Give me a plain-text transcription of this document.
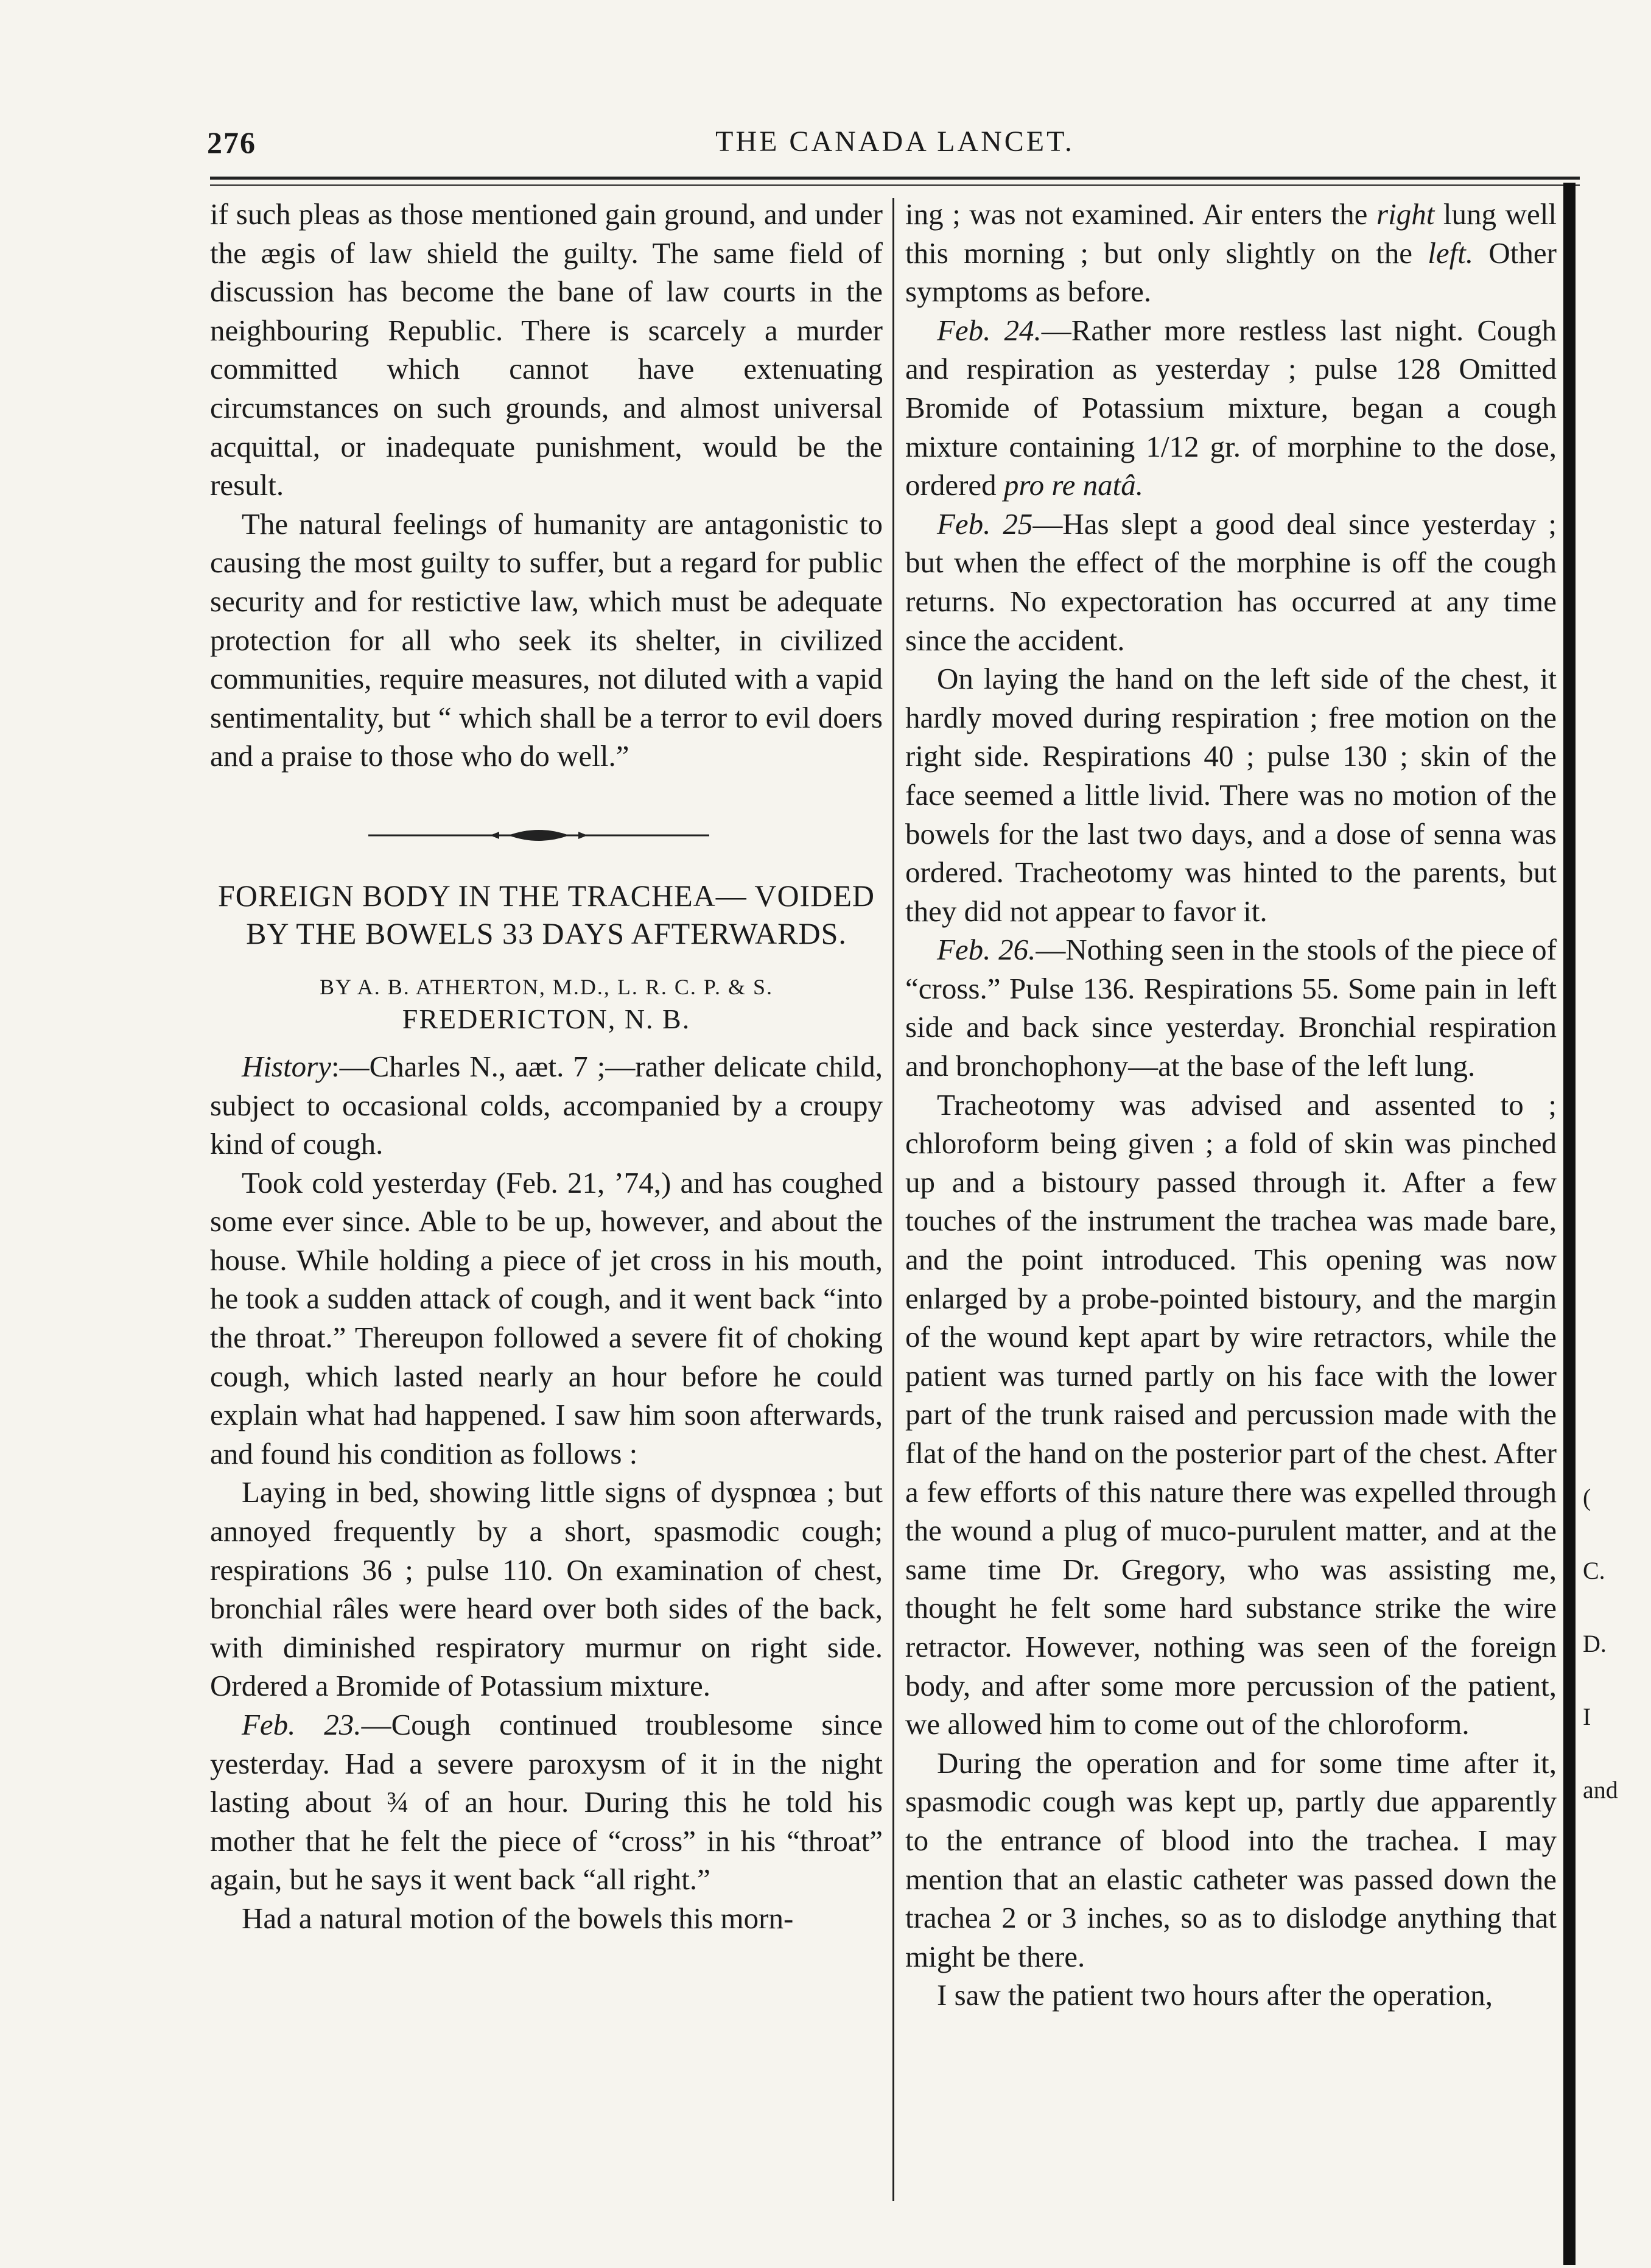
276	THE CANADA LANCET.

if such pleas as those mentioned gain ground, and under the ægis of law shield the guilty. The same field of discussion has become the bane of law courts in the neighbouring Republic. There is scarcely a murder committed which cannot have extenuating circumstances on such grounds, and almost universal acquittal, or inadequate punishment, would be the result.

The natural feelings of humanity are antagonistic to causing the most guilty to suffer, but a regard for public security and for restictive law, which must be adequate protection for all who seek its shelter, in civilized communities, require measures, not diluted with a vapid sentimentality, but “ which shall be a terror to evil doers and a praise to those who do well.”

FOREIGN BODY IN THE TRACHEA— VOIDED BY THE BOWELS 33 DAYS AFTERWARDS.
BY A. B. ATHERTON, M.D., L. R. C. P. & S.
FREDERICTON, N. B.

History:—Charles N., aæt. 7 ;—rather delicate child, subject to occasional colds, accompanied by a croupy kind of cough.

Took cold yesterday (Feb. 21, ’74,) and has coughed some ever since. Able to be up, however, and about the house. While holding a piece of jet cross in his mouth, he took a sudden attack of cough, and it went back “into the throat.” Thereupon followed a severe fit of choking cough, which lasted nearly an hour before he could explain what had happened. I saw him soon afterwards, and found his condition as follows :

Laying in bed, showing little signs of dyspnœa ; but annoyed frequently by a short, spasmodic cough; respirations 36 ; pulse 110. On examination of chest, bronchial râles were heard over both sides of the back, with diminished respiratory murmur on right side. Ordered a Bromide of Potassium mixture.

Feb. 23.—Cough continued troublesome since yesterday. Had a severe paroxysm of it in the night lasting about ¾ of an hour. During this he told his mother that he felt the piece of “cross” in his “throat” again, but he says it went back “all right.”

Had a natural motion of the bowels this morn-

ing ; was not examined. Air enters the right lung well this morning ; but only slightly on the left. Other symptoms as before.

Feb. 24.—Rather more restless last night. Cough and respiration as yesterday ; pulse 128 Omitted Bromide of Potassium mixture, began a cough mixture containing 1/12 gr. of morphine to the dose, ordered pro re natâ.

Feb. 25—Has slept a good deal since yesterday ; but when the effect of the morphine is off the cough returns. No expectoration has occurred at any time since the accident.

On laying the hand on the left side of the chest, it hardly moved during respiration ; free motion on the right side. Respirations 40 ; pulse 130 ; skin of the face seemed a little livid. There was no motion of the bowels for the last two days, and a dose of senna was ordered. Tracheotomy was hinted to the parents, but they did not appear to favor it.

Feb. 26.—Nothing seen in the stools of the piece of “cross.” Pulse 136. Respirations 55. Some pain in left side and back since yesterday. Bronchial respiration and bronchophony—at the base of the left lung.

Tracheotomy was advised and assented to ; chloroform being given ; a fold of skin was pinched up and a bistoury passed through it. After a few touches of the instrument the trachea was made bare, and the point introduced. This opening was now enlarged by a probe-pointed bistoury, and the margin of the wound kept apart by wire retractors, while the patient was turned partly on his face with the lower part of the trunk raised and percussion made with the flat of the hand on the posterior part of the chest. After a few efforts of this nature there was expelled through the wound a plug of muco-purulent matter, and at the same time Dr. Gregory, who was assisting me, thought he felt some hard substance strike the wire retractor. However, nothing was seen of the foreign body, and after some more percussion of the patient, we allowed him to come out of the chloroform.

During the operation and for some time after it, spasmodic cough was kept up, partly due apparently to the entrance of blood into the trachea. I may mention that an elastic catheter was passed down the trachea 2 or 3 inches, so as to dislodge anything that might be there.

I saw the patient two hours after the operation,

(
C.
D.
I
and
